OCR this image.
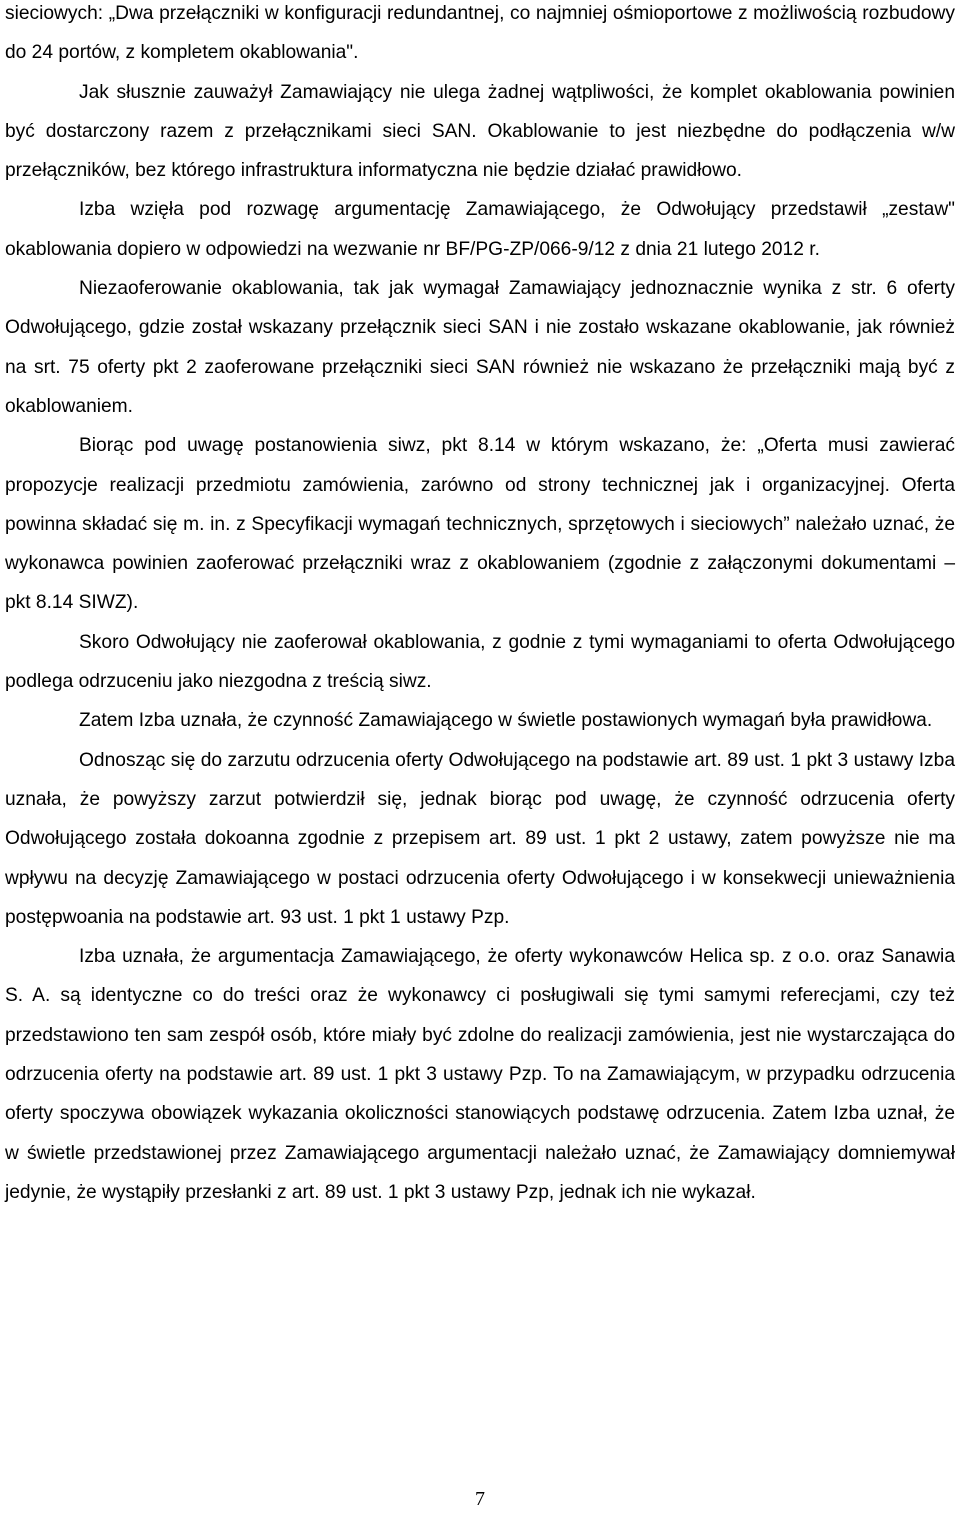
sieciowych: „Dwa przełączniki w konfiguracji redundantnej, co najmniej ośmioportowe z możliwością rozbudowy do 24 portów, z kompletem okablowania".

Jak słusznie zauważył Zamawiający nie ulega żadnej wątpliwości, że komplet okablowania powinien być dostarczony razem z przełącznikami sieci SAN. Okablowanie to jest niezbędne do podłączenia w/w przełączników, bez którego infrastruktura informatyczna nie będzie działać prawidłowo.

Izba wzięła pod rozwagę argumentację Zamawiającego, że Odwołujący przedstawił „zestaw" okablowania dopiero w odpowiedzi na wezwanie nr BF/PG-ZP/066-9/12 z dnia 21 lutego 2012 r.

Niezaoferowanie okablowania, tak jak wymagał Zamawiający jednoznacznie wynika z str. 6 oferty Odwołującego, gdzie został wskazany przełącznik sieci SAN i nie zostało wskazane okablowanie, jak również na srt. 75 oferty pkt 2 zaoferowane przełączniki sieci SAN również nie wskazano że przełączniki mają być z okablowaniem.

Biorąc pod uwagę postanowienia siwz, pkt 8.14 w którym wskazano, że: „Oferta musi zawierać propozycje realizacji przedmiotu zamówienia, zarówno od strony technicznej jak i organizacyjnej. Oferta powinna składać się m. in. z Specyfikacji wymagań technicznych, sprzętowych i sieciowych” należało uznać, że wykonawca powinien zaoferować przełączniki wraz z okablowaniem (zgodnie z załączonymi dokumentami – pkt 8.14 SIWZ).

Skoro Odwołujący nie zaoferował okablowania, z godnie z tymi wymaganiami to oferta Odwołującego podlega odrzuceniu jako niezgodna z treścią siwz.

Zatem Izba uznała, że czynność Zamawiającego w świetle postawionych wymagań była prawidłowa.

Odnosząc się do zarzutu odrzucenia oferty Odwołującego na podstawie art. 89 ust. 1 pkt 3 ustawy Izba uznała, że powyższy zarzut potwierdził się, jednak biorąc pod uwagę, że czynność odrzucenia oferty Odwołującego została dokoanna zgodnie z przepisem art. 89 ust. 1 pkt 2 ustawy, zatem powyższe nie ma wpływu na decyzję Zamawiającego w postaci odrzucenia oferty Odwołującego i w konsekwecji unieważnienia postępwoania na podstawie art. 93 ust. 1 pkt 1 ustawy Pzp.

Izba uznała, że argumentacja Zamawiającego, że oferty wykonawców Helica sp. z o.o. oraz Sanawia S. A. są identyczne co do treści oraz że wykonawcy ci posługiwali się tymi samymi referecjami, czy też przedstawiono ten sam zespół osób, które miały być zdolne do realizacji zamówienia, jest nie wystarczająca do odrzucenia oferty na podstawie art. 89 ust. 1 pkt 3 ustawy Pzp. To na Zamawiającym, w przypadku odrzucenia oferty spoczywa obowiązek wykazania okoliczności stanowiących podstawę odrzucenia. Zatem Izba uznał, że w świetle przedstawionej przez Zamawiającego argumentacji należało uznać, że Zamawiający domniemywał jedynie, że wystąpiły przesłanki z art. 89 ust. 1 pkt 3 ustawy Pzp, jednak ich nie wykazał.

7
